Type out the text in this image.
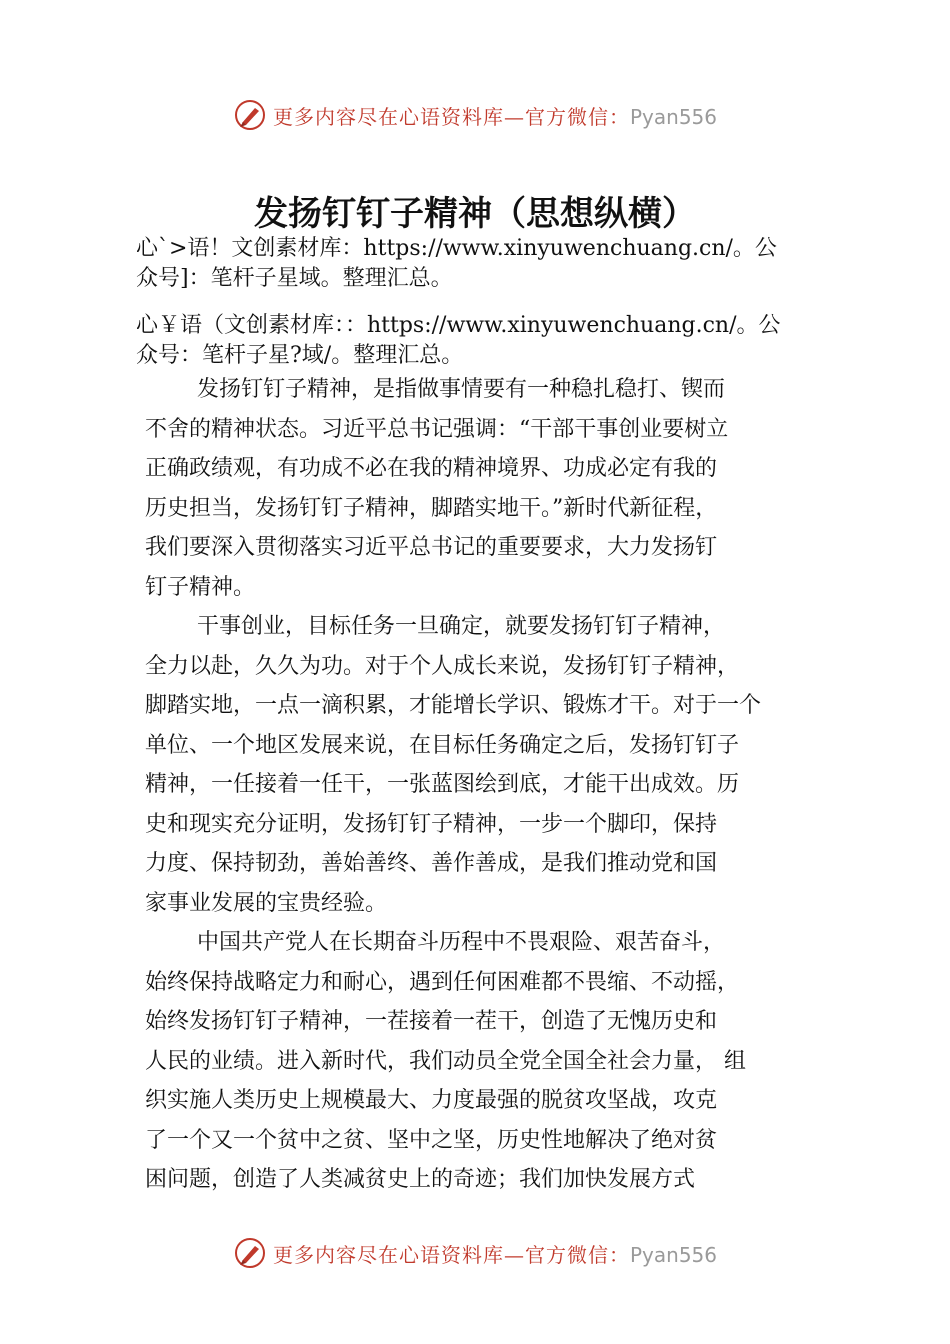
更多内容尽在心语资料库—官方微信：Pyan556
发扬钉钉子精神（思想纵横）
心`>语！文创素材库：https://www.xinyuwenchuang.cn/。公
众号]：笔杆子星域。整理汇总。
心￥语（文创素材库：：https://www.xinyuwenchuang.cn/。公
众号：笔杆子星?域/。整理汇总。

发扬钉钉子精神，是指做事情要有一种稳扎稳打、锲而
不舍的精神状态。习近平总书记强调：“干部干事创业要树立
正确政绩观，有功成不必在我的精神境界、功成必定有我的
历史担当，发扬钉钉子精神，脚踏实地干。”新时代新征程，
我们要深入贯彻落实习近平总书记的重要要求，大力发扬钉
钉子精神。

干事创业，目标任务一旦确定，就要发扬钉钉子精神，
全力以赴，久久为功。对于个人成长来说，发扬钉钉子精神，
脚踏实地，一点一滴积累，才能增长学识、锻炼才干。对于一个
单位、一个地区发展来说，在目标任务确定之后，发扬钉钉子
精神，一任接着一任干，一张蓝图绘到底，才能干出成效。历
史和现实充分证明，发扬钉钉子精神，一步一个脚印，保持
力度、保持韧劲，善始善终、善作善成，是我们推动党和国
家事业发展的宝贵经验。

中国共产党人在长期奋斗历程中不畏艰险、艰苦奋斗，
始终保持战略定力和耐心，遇到任何困难都不畏缩、不动摇，
始终发扬钉钉子精神，一茬接着一茬干，创造了无愧历史和
人民的业绩。进入新时代，我们动员全党全国全社会力量， 组
织实施人类历史上规模最大、力度最强的脱贫攻坚战，攻克
了一个又一个贫中之贫、坚中之坚，历史性地解决了绝对贫
困问题，创造了人类减贫史上的奇迹；我们加快发展方式

更多内容尽在心语资料库—官方微信：Pyan556
